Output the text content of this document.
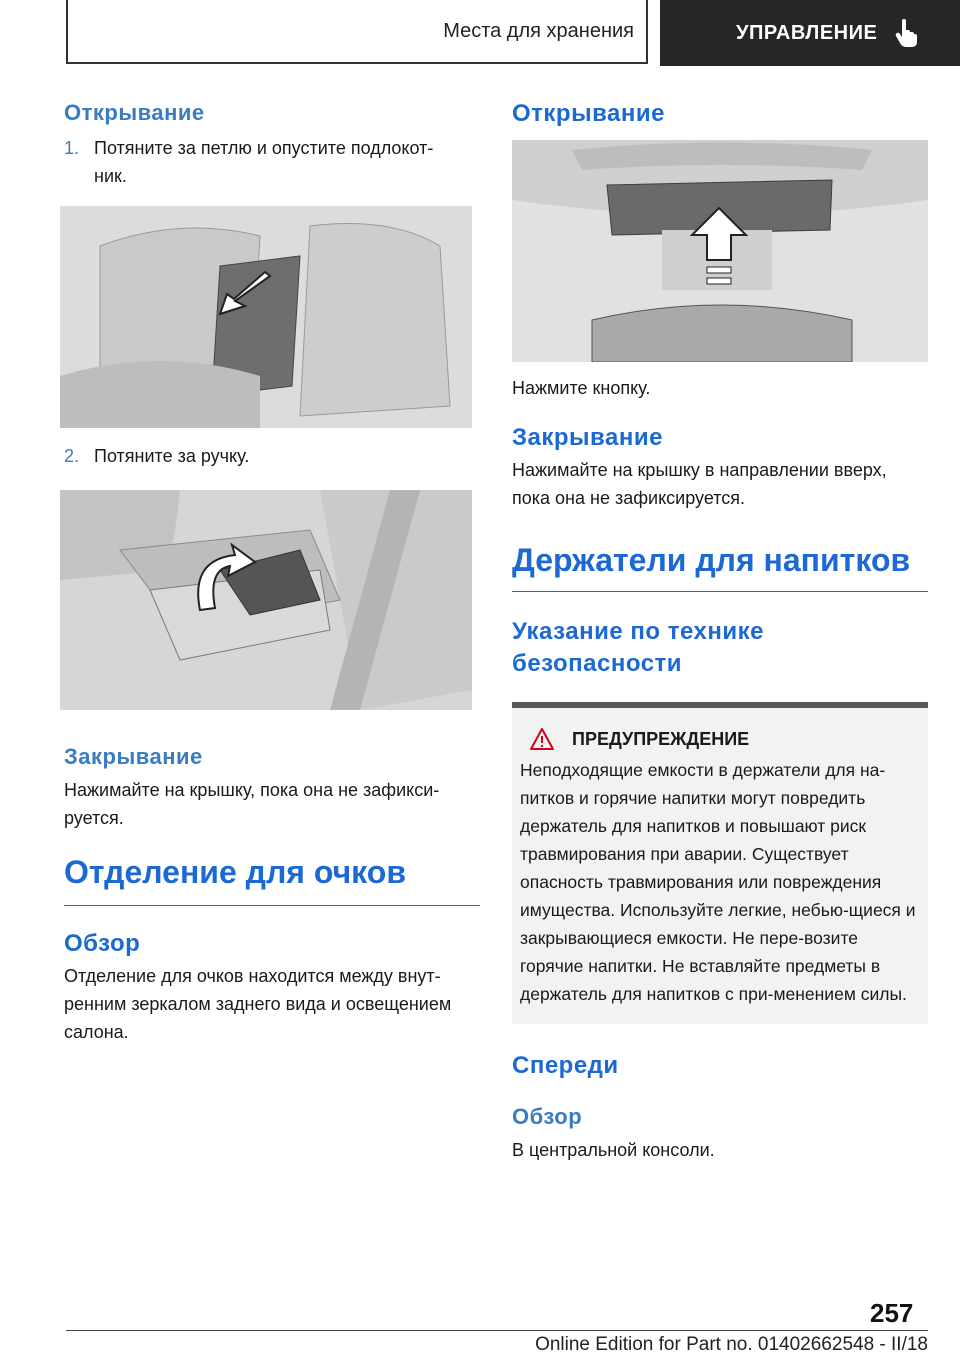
Места для хранения	УПРАВЛЕНИЕ
Открывание
1. Потяните за петлю и опустите подлокот‐ник.
2. Потяните за ручку.
Закрывание

Нажимайте на крышку, пока она не зафикси‐руется.

Отделение для очков
Обзор

Отделение для очков находится между внут‐ренним зеркалом заднего вида и освещением салона.

Открывание

Нажмите кнопку.

Закрывание

Нажимайте на крышку в направлении вверх, пока она не зафиксируется.

Держатели для напитков
Указание по технике безопасности
ПРЕДУПРЕЖДЕНИЕ

Неподходящие емкости в держатели для на‐питков и горячие напитки могут повредить держатель для напитков и повышают риск травмирования при аварии. Существует опасность травмирования или повреждения имущества. Используйте легкие, небью‐щиеся и закрывающиеся емкости. Не пере‐возите горячие напитки. Не вставляйте предметы в держатель для напитков с при‐менением силы.

Спереди
Обзор

В центральной консоли.

257
Online Edition for Part no. 01402662548 - II/18
